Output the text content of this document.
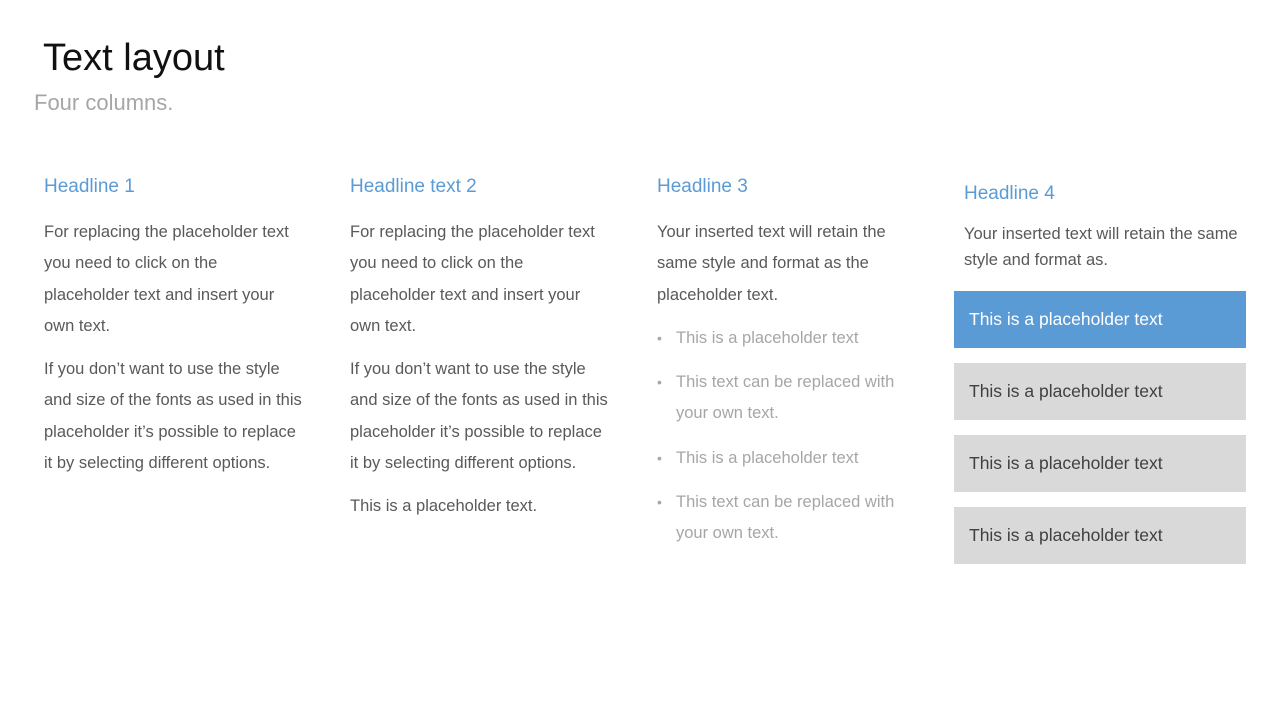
Text layout
Four columns.
Headline 1

For replacing the placeholder text you need to click on the placeholder text and insert your own text.

If you don’t want to use the style and size of the fonts as used in this placeholder it’s possible to replace it by selecting different options.

Headline text 2

For replacing the placeholder text you need to click on the placeholder text and insert your own text.

If you don’t want to use the style and size of the fonts as used in this placeholder it’s possible to replace it by selecting different options.

This is a placeholder text.

Headline 3

Your inserted text will retain the same style and format as the placeholder text.

• This is a placeholder text
• This text can be replaced with your own text.
• This is a placeholder text
• This text can be replaced with your own text.
Headline 4

Your inserted text will retain the same style and format as.

This is a placeholder text
This is a placeholder text
This is a placeholder text
This is a placeholder text
